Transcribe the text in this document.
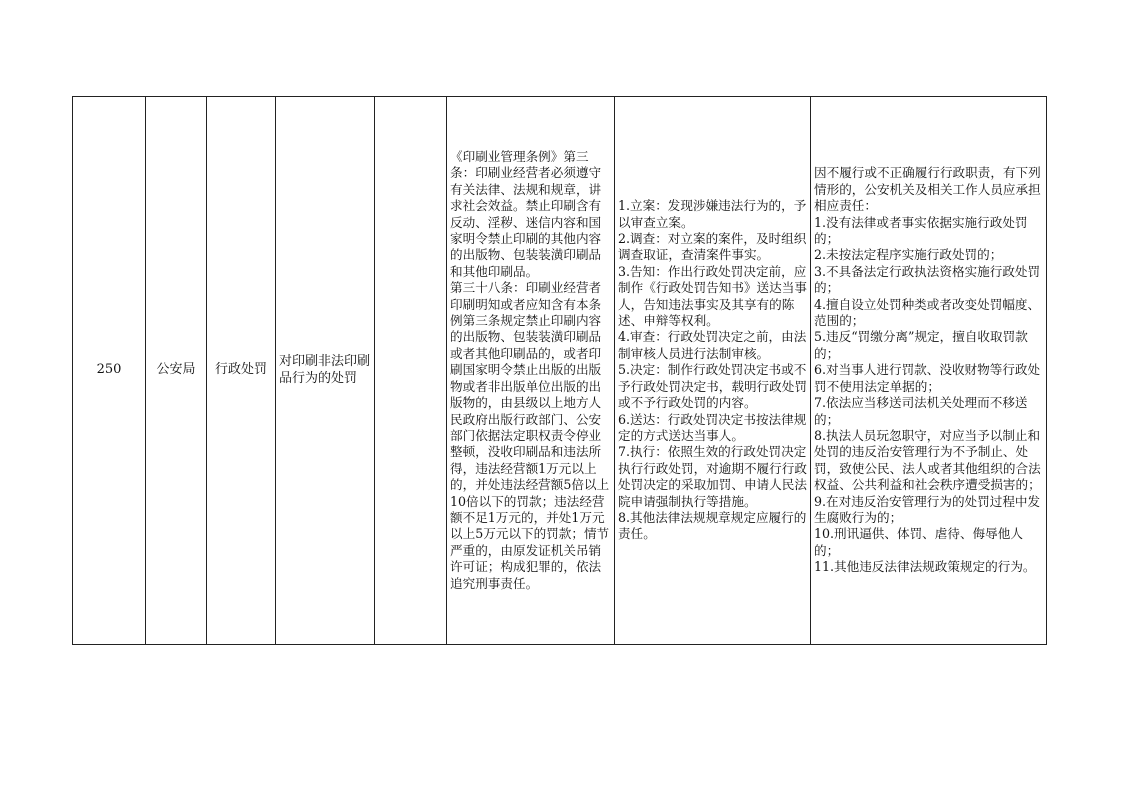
250	公安局	行政处罚	对印刷非法印刷品行为的处罚		《印刷业管理条例》第三条：印刷业经营者必须遵守有关法律、法规和规章，讲求社会效益。禁止印刷含有反动、淫秽、迷信内容和国家明令禁止印刷的其他内容的出版物、包装装潢印刷品和其他印刷品。
第三十八条：印刷业经营者印刷明知或者应知含有本条例第三条规定禁止印刷内容的出版物、包装装潢印刷品或者其他印刷品的，或者印刷国家明令禁止出版的出版物或者非出版单位出版的出版物的，由县级以上地方人民政府出版行政部门、公安部门依据法定职权责令停业整顿，没收印刷品和违法所得，违法经营额1万元以上的，并处违法经营额5倍以上10倍以下的罚款；违法经营额不足1万元的，并处1万元以上5万元以下的罚款；情节严重的，由原发证机关吊销许可证；构成犯罪的，依法追究刑事责任。	1.立案：发现涉嫌违法行为的，予以审查立案。
2.调查：对立案的案件，及时组织调查取证，查清案件事实。
3.告知：作出行政处罚决定前，应制作《行政处罚告知书》送达当事人，告知违法事实及其享有的陈述、申辩等权利。
4.审查：行政处罚决定之前，由法制审核人员进行法制审核。
5.决定：制作行政处罚决定书或不予行政处罚决定书，载明行政处罚或不予行政处罚的内容。
6.送达：行政处罚决定书按法律规定的方式送达当事人。
7.执行：依照生效的行政处罚决定执行行政处罚，对逾期不履行行政处罚决定的采取加罚、申请人民法院申请强制执行等措施。
8.其他法律法规规章规定应履行的责任。	因不履行或不正确履行行政职责，有下列情形的，公安机关及相关工作人员应承担相应责任：
1.没有法律或者事实依据实施行政处罚的；
2.未按法定程序实施行政处罚的；
3.不具备法定行政执法资格实施行政处罚的；
4.擅自设立处罚种类或者改变处罚幅度、范围的；
5.违反“罚缴分离”规定，擅自收取罚款的；
6.对当事人进行罚款、没收财物等行政处罚不使用法定单据的；
7.依法应当移送司法机关处理而不移送的；
8.执法人员玩忽职守，对应当予以制止和处罚的违反治安管理行为不予制止、处罚，致使公民、法人或者其他组织的合法权益、公共利益和社会秩序遭受损害的；
9.在对违反治安管理行为的处罚过程中发生腐败行为的；
10.刑讯逼供、体罚、虐待、侮辱他人的；
11.其他违反法律法规政策规定的行为。
